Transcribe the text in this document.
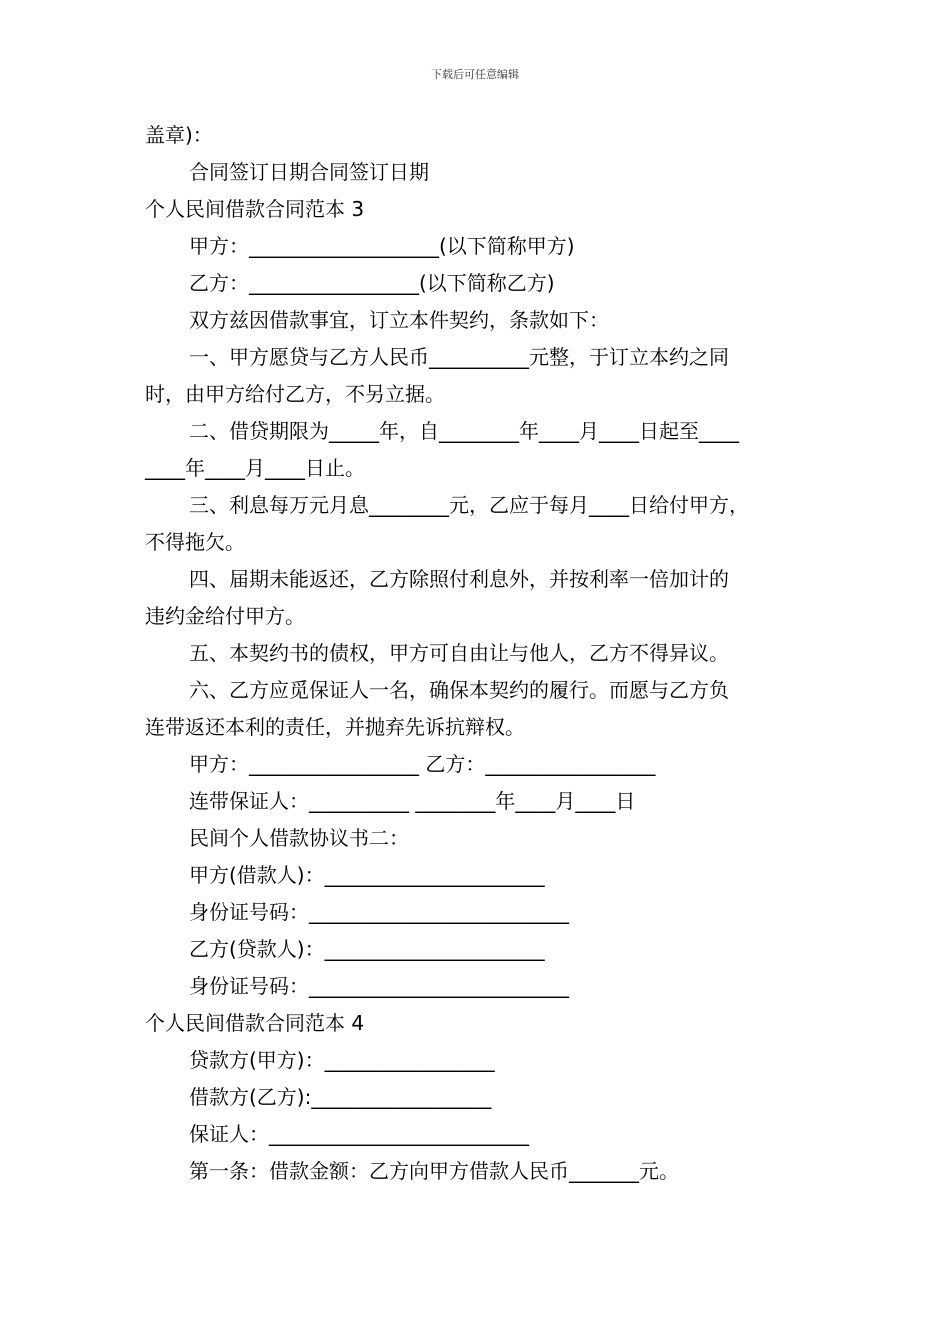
下载后可任意编辑
盖章)：
合同签订日期合同签订日期
个人民间借款合同范本 3
甲方：___________________(以下简称甲方)
乙方：_________________(以下简称乙方)
双方兹因借款事宜，订立本件契约，条款如下：
一、甲方愿贷与乙方人民币__________元整，于订立本约之同
时，由甲方给付乙方，不另立据。
二、借贷期限为_____年，自________年____月____日起至____
____年____月____日止。
三、利息每万元月息________元，乙应于每月____日给付甲方，
不得拖欠。
四、届期未能返还，乙方除照付利息外，并按利率一倍加计的
违约金给付甲方。
五、本契约书的债权，甲方可自由让与他人，乙方不得异议。
六、乙方应觅保证人一名，确保本契约的履行。而愿与乙方负
连带返还本利的责任，并抛弃先诉抗辩权。
甲方：_________________ 乙方：_________________
连带保证人：__________ ________年____月____日
民间个人借款协议书二：
甲方(借款人)：______________________
身份证号码：__________________________
乙方(贷款人)：______________________
身份证号码：__________________________
个人民间借款合同范本 4
贷款方(甲方)：_________________
借款方(乙方):__________________
保证人：__________________________
第一条：借款金额：乙方向甲方借款人民币_______元。
